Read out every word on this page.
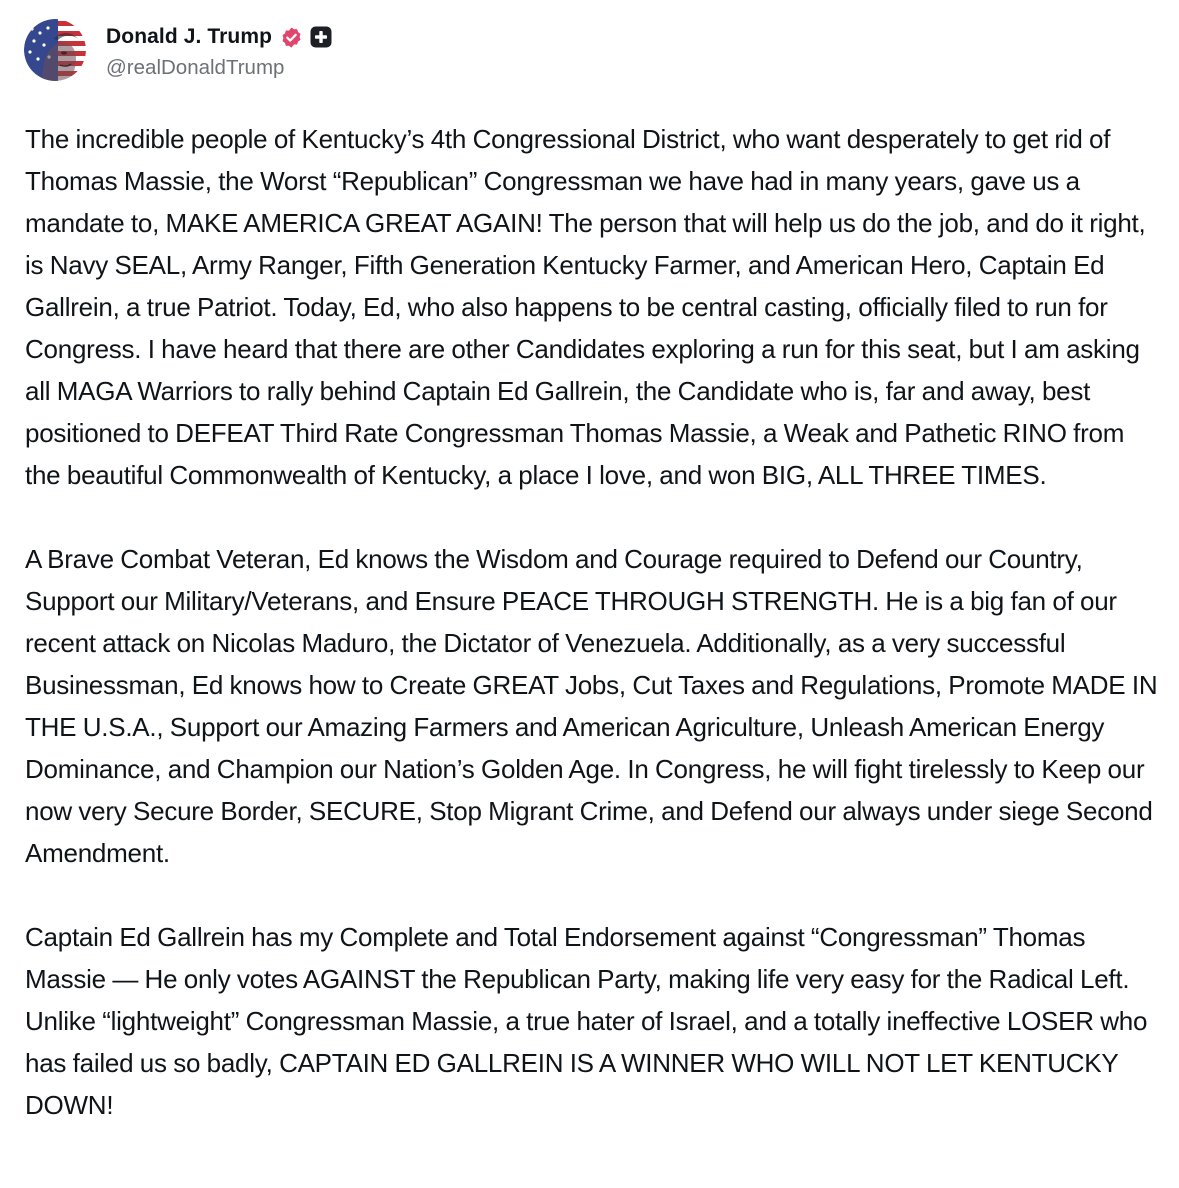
Donald J. Trump
@realDonaldTrump

The incredible people of Kentucky’s 4th Congressional District, who want desperately to get rid of Thomas Massie, the Worst “Republican” Congressman we have had in many years, gave us a mandate to, MAKE AMERICA GREAT AGAIN! The person that will help us do the job, and do it right, is Navy SEAL, Army Ranger, Fifth Generation Kentucky Farmer, and American Hero, Captain Ed Gallrein, a true Patriot. Today, Ed, who also happens to be central casting, officially filed to run for Congress. I have heard that there are other Candidates exploring a run for this seat, but I am asking all MAGA Warriors to rally behind Captain Ed Gallrein, the Candidate who is, far and away, best positioned to DEFEAT Third Rate Congressman Thomas Massie, a Weak and Pathetic RINO from the beautiful Commonwealth of Kentucky, a place I love, and won BIG, ALL THREE TIMES.

A Brave Combat Veteran, Ed knows the Wisdom and Courage required to Defend our Country, Support our Military/Veterans, and Ensure PEACE THROUGH STRENGTH. He is a big fan of our recent attack on Nicolas Maduro, the Dictator of Venezuela. Additionally, as a very successful Businessman, Ed knows how to Create GREAT Jobs, Cut Taxes and Regulations, Promote MADE IN THE U.S.A., Support our Amazing Farmers and American Agriculture, Unleash American Energy Dominance, and Champion our Nation’s Golden Age. In Congress, he will fight tirelessly to Keep our now very Secure Border, SECURE, Stop Migrant Crime, and Defend our always under siege Second Amendment.

Captain Ed Gallrein has my Complete and Total Endorsement against “Congressman” Thomas Massie — He only votes AGAINST the Republican Party, making life very easy for the Radical Left. Unlike “lightweight” Congressman Massie, a true hater of Israel, and a totally ineffective LOSER who has failed us so badly, CAPTAIN ED GALLREIN IS A WINNER WHO WILL NOT LET KENTUCKY DOWN!
